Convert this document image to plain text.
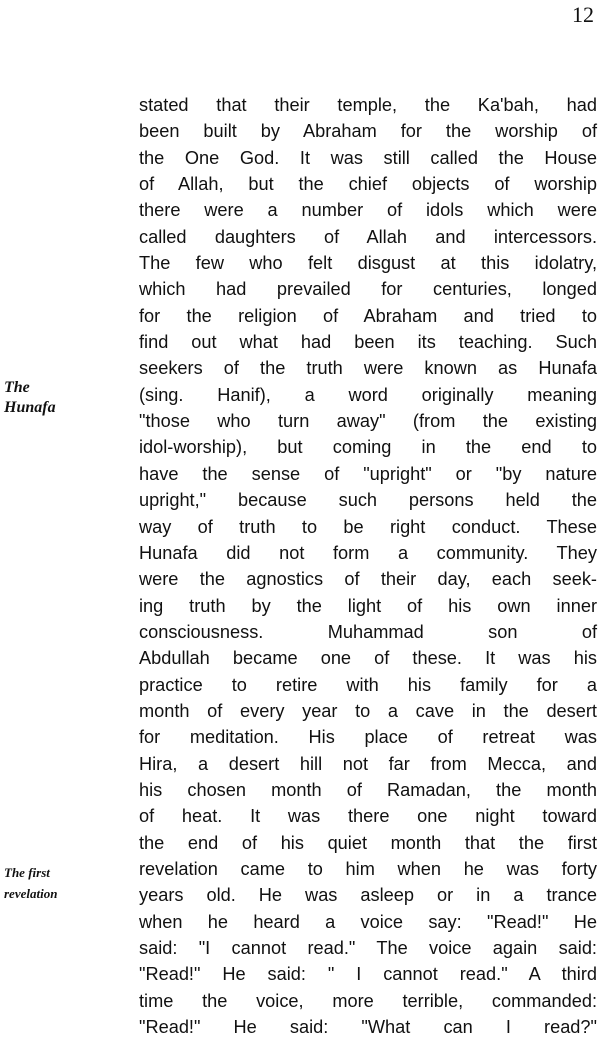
12
The
Hunafa
The first
revelation
stated that their temple, the Ka'bah, had
been built by Abraham for the worship of
the One God. It was still called the House
of Allah, but the chief objects of worship
there were a number of idols which were
called daughters of Allah and intercessors.
The few who felt disgust at this idolatry,
which had prevailed for centuries, longed
for the religion of Abraham and tried to
find out what had been its teaching. Such
seekers of the truth were known as Hunafa
(sing. Hanif), a word originally meaning
"those who turn away" (from the existing
idol-worship), but coming in the end to
have the sense of "upright" or "by nature
upright," because such persons held the
way of truth to be right conduct. These
Hunafa did not form a community. They
were the agnostics of their day, each seek-
ing truth by the light of his own inner
consciousness. Muhammad son of
Abdullah became one of these. It was his
practice to retire with his family for a
month of every year to a cave in the desert
for meditation. His place of retreat was
Hira, a desert hill not far from Mecca, and
his chosen month of Ramadan, the month
of heat. It was there one night toward
the end of his quiet month that the first
revelation came to him when he was forty
years old. He was asleep or in a trance
when he heard a voice say: "Read!" He
said: "I cannot read." The voice again said:
"Read!" He said: " I cannot read." A third
time the voice, more terrible, commanded:
"Read!" He said: "What can I read?"
